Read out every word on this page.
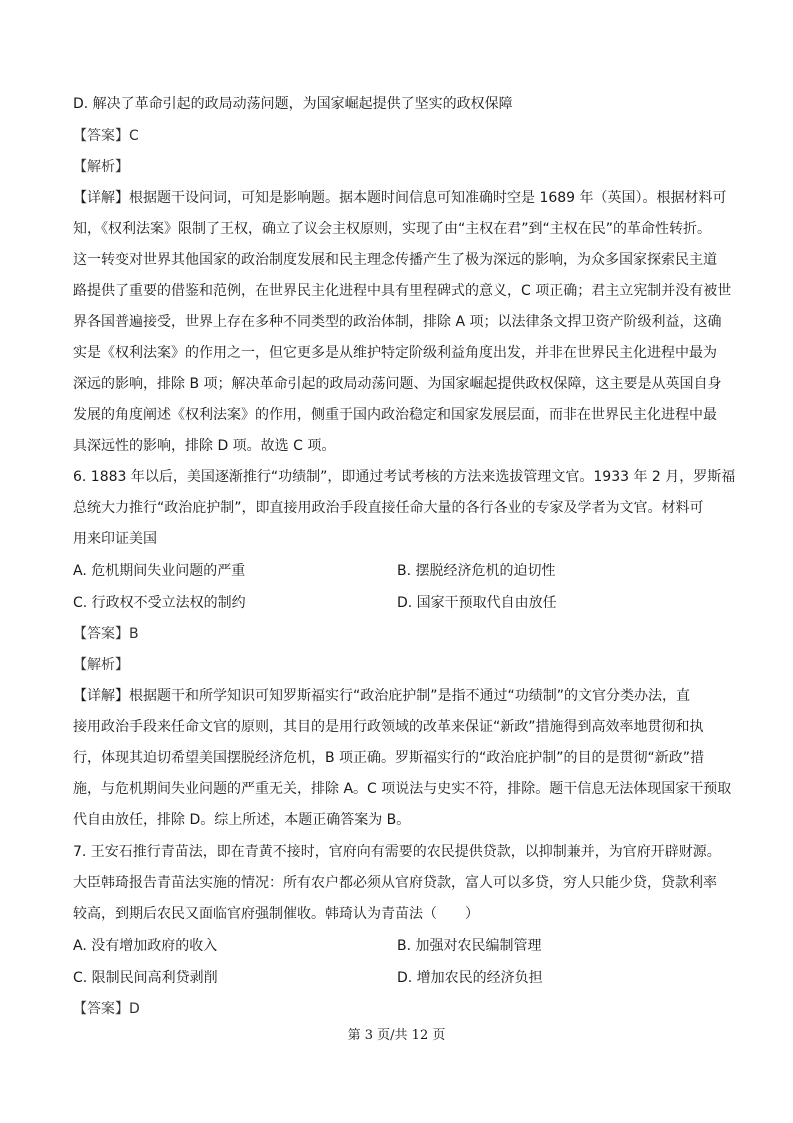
D. 解决了革命引起的政局动荡问题，为国家崛起提供了坚实的政权保障
【答案】C
【解析】
【详解】根据题干设问词，可知是影响题。据本题时间信息可知准确时空是 1689 年（英国）。根据材料可
知，《权利法案》限制了王权，确立了议会主权原则，实现了由“主权在君”到“主权在民”的革命性转折。
这一转变对世界其他国家的政治制度发展和民主理念传播产生了极为深远的影响，为众多国家探索民主道
路提供了重要的借鉴和范例，在世界民主化进程中具有里程碑式的意义，C 项正确；君主立宪制并没有被世
界各国普遍接受，世界上存在多种不同类型的政治体制，排除 A 项；以法律条文捍卫资产阶级利益，这确
实是《权利法案》的作用之一，但它更多是从维护特定阶级利益角度出发，并非在世界民主化进程中最为
深远的影响，排除 B 项；解决革命引起的政局动荡问题、为国家崛起提供政权保障，这主要是从英国自身
发展的角度阐述《权利法案》的作用，侧重于国内政治稳定和国家发展层面，而非在世界民主化进程中最
具深远性的影响，排除 D 项。故选 C 项。
6. 1883 年以后，美国逐渐推行“功绩制”，即通过考试考核的方法来选拔管理文官。1933 年 2 月，罗斯福
总统大力推行“政治庇护制”，即直接用政治手段直接任命大量的各行各业的专家及学者为文官。材料可
用来印证美国
A. 危机期间失业问题的严重	B. 摆脱经济危机的迫切性
C. 行政权不受立法权的制约	D. 国家干预取代自由放任
【答案】B
【解析】
【详解】根据题干和所学知识可知罗斯福实行“政治庇护制”是指不通过“功绩制”的文官分类办法，直
接用政治手段来任命文官的原则，其目的是用行政领域的改革来保证“新政”措施得到高效率地贯彻和执
行，体现其迫切希望美国摆脱经济危机，B 项正确。罗斯福实行的“政治庇护制”的目的是贯彻“新政”措
施，与危机期间失业问题的严重无关，排除 A。C 项说法与史实不符，排除。题干信息无法体现国家干预取
代自由放任，排除 D。综上所述，本题正确答案为 B。
7. 王安石推行青苗法，即在青黄不接时，官府向有需要的农民提供贷款，以抑制兼并，为官府开辟财源。
大臣韩琦报告青苗法实施的情况：所有农户都必须从官府贷款，富人可以多贷，穷人只能少贷，贷款利率
较高，到期后农民又面临官府强制催收。韩琦认为青苗法（　　）
A. 没有增加政府的收入	B. 加强对农民编制管理
C. 限制民间高利贷剥削	D. 增加农民的经济负担
【答案】D
第 3 页/共 12 页
